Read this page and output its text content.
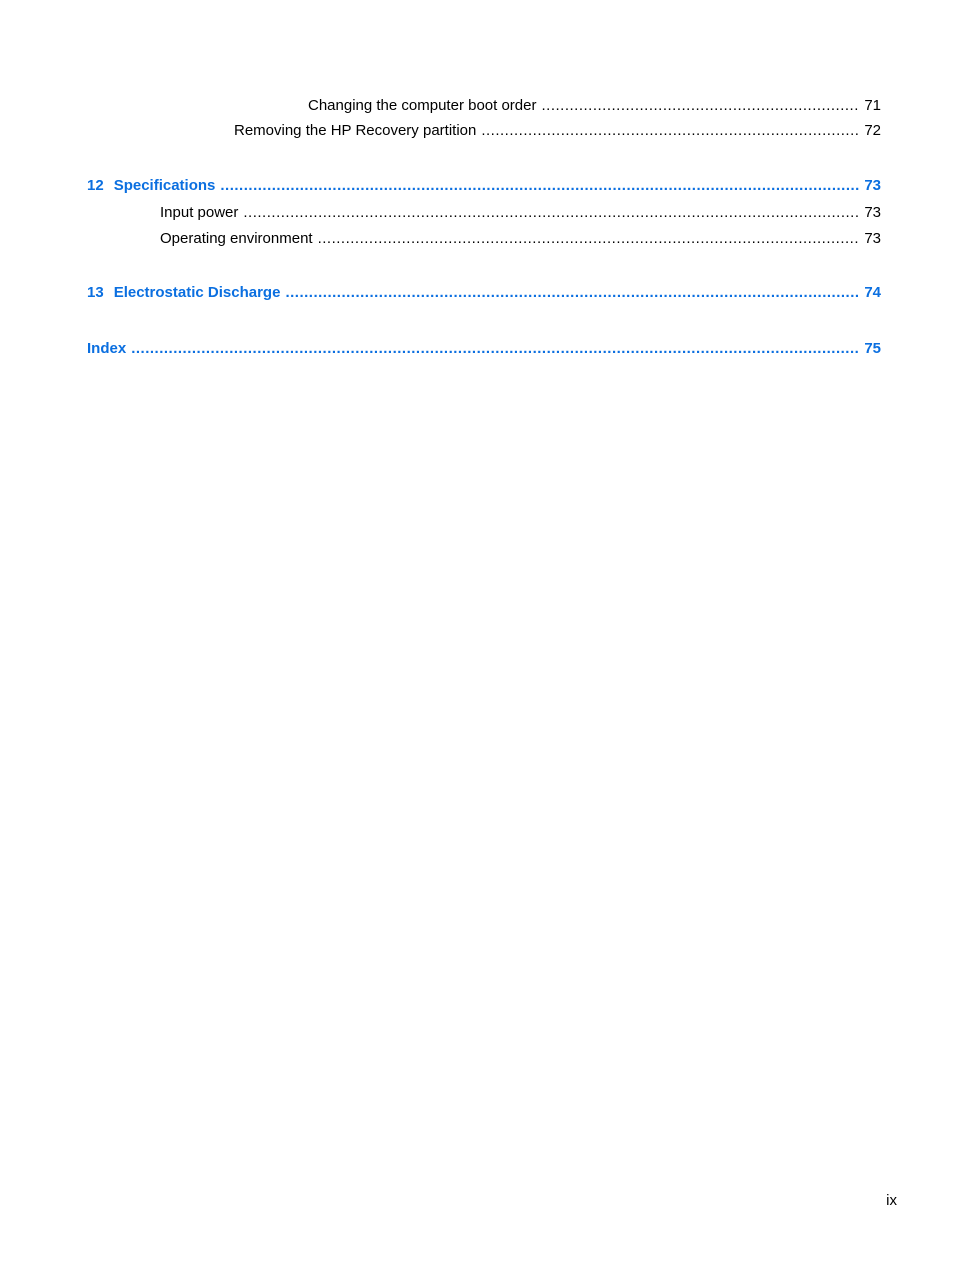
Changing the computer boot order .....	71
Removing the HP Recovery partition .....	72
12 Specifications .....	73
Input power .....	73
Operating environment .....	73
13 Electrostatic Discharge .....	74
Index .....	75
ix
